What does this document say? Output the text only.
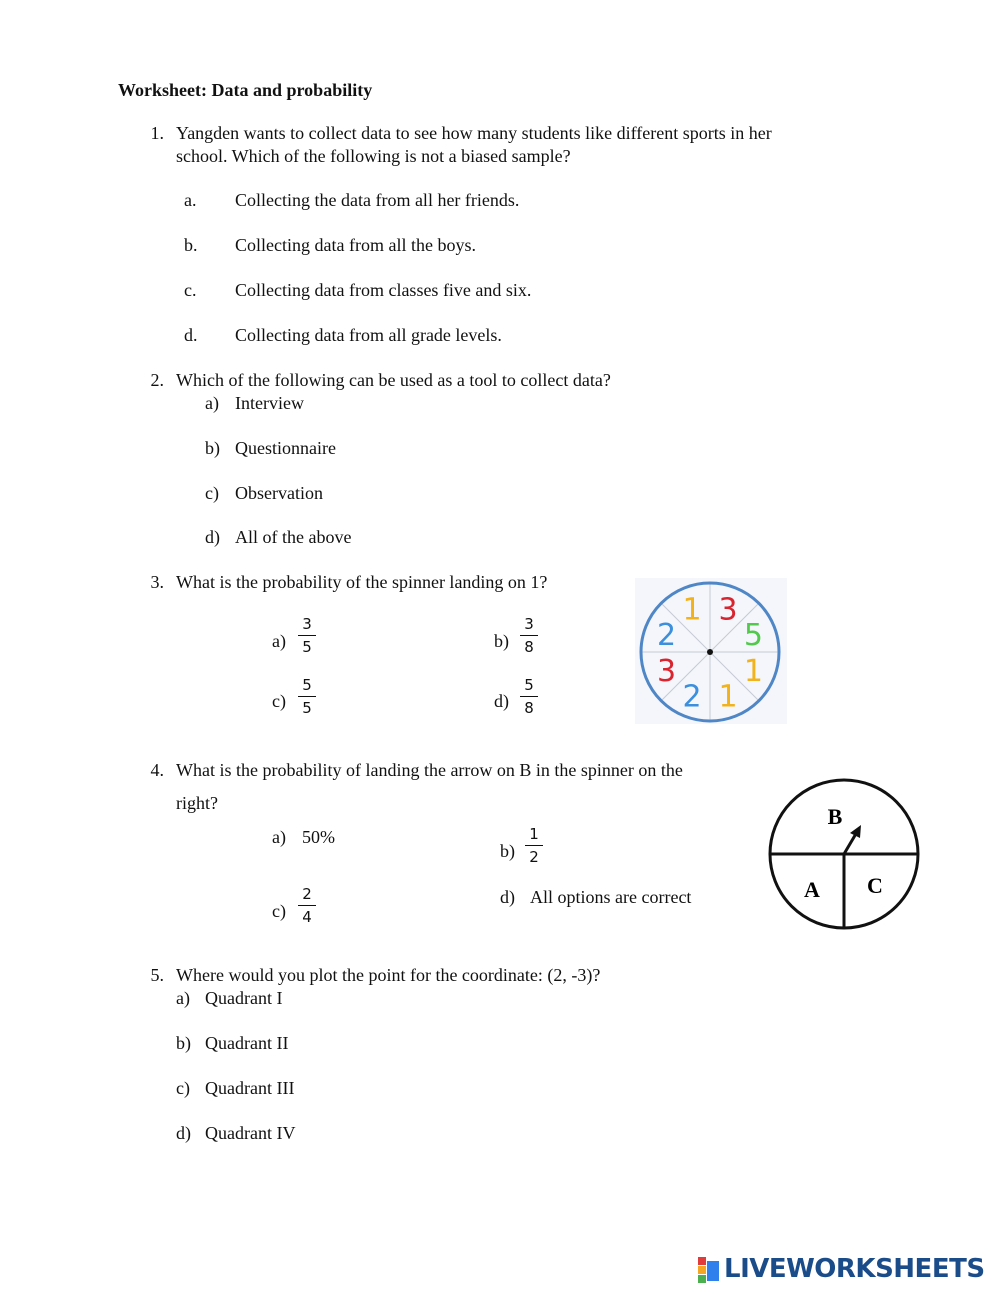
Worksheet: Data and probability
1. Yangden wants to collect data to see how many students like different sports in her
school. Which of the following is not a biased sample?
a. Collecting the data from all her friends.
b. Collecting data from all the boys.
c. Collecting data from classes five and six.
d. Collecting data from all grade levels.
2. Which of the following can be used as a tool to collect data?
a) Interview
b) Questionnaire
c) Observation
d) All of the above
3. What is the probability of the spinner landing on 1?
a)
3
5	b)
3
8
c)
5
5	d)
5
8
1 3
5
1
1
2
3
2
4. What is the probability of landing the arrow on B in the spinner on the
right?
a) 50%
b)
1
2
c)
2
4
d) All options are correct
B
A C
5. Where would you plot the point for the coordinate: (2, -3)?
a) Quadrant I
b) Quadrant II
c) Quadrant III
d) Quadrant IV
LIVEWORKSHEETS
